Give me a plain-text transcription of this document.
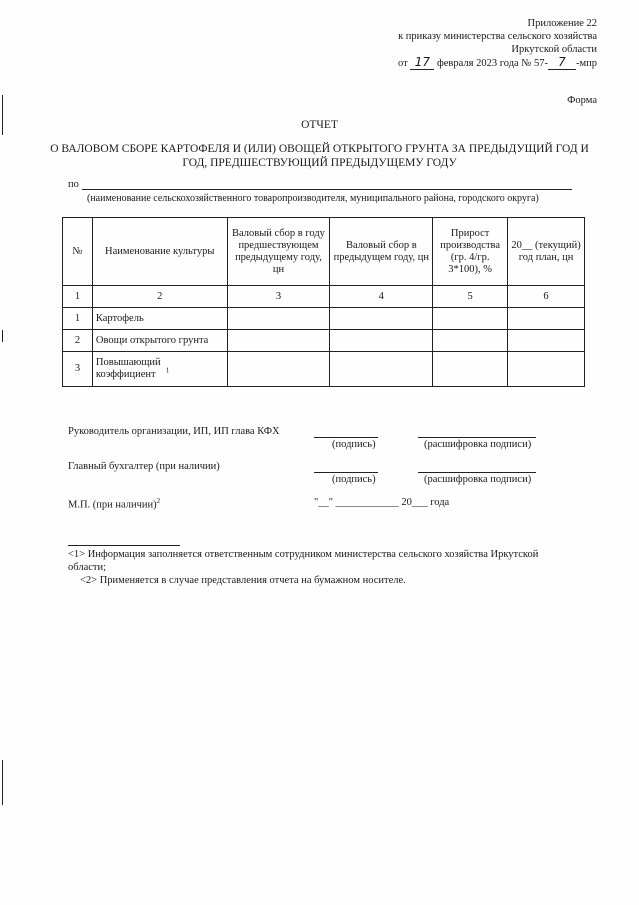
Приложение 22
к приказу министерства сельского хозяйства
Иркутской области
от 17 февраля 2023 года № 57- 7 -мпр
Форма
ОТЧЕТ
О ВАЛОВОМ СБОРЕ КАРТОФЕЛЯ И (ИЛИ) ОВОЩЕЙ ОТКРЫТОГО ГРУНТА ЗА ПРЕДЫДУЩИЙ ГОД И
ГОД, ПРЕДШЕСТВУЮЩИЙ ПРЕДЫДУЩЕМУ ГОДУ
по
(наименование сельскохозяйственного товаропроизводителя, муниципального района, городского округа)
№	Наименование культуры	Валовый сбор в году предшествующем предыдущему году, цн	Валовый сбор в предыдущем году, цн	Прирост производства (гр. 4/гр. 3*100), %	20__ (текущий) год план, цн
1	2	3	4	5	6
1	Картофель				
2	Овощи открытого грунта				
3	Повышающий коэффициент $^1$				
Руководитель организации, ИП, ИП глава КФХ
(подпись)	(расшифровка подписи)
Главный бухгалтер (при наличии)
(подпись)	(расшифровка подписи)
М.П. (при наличии)$^2$	"__" ____________ 20___ года
<1> Информация заполняется ответственным сотрудником министерства сельского хозяйства Иркутской
области;
<2> Применяется в случае представления отчета на бумажном носителе.
